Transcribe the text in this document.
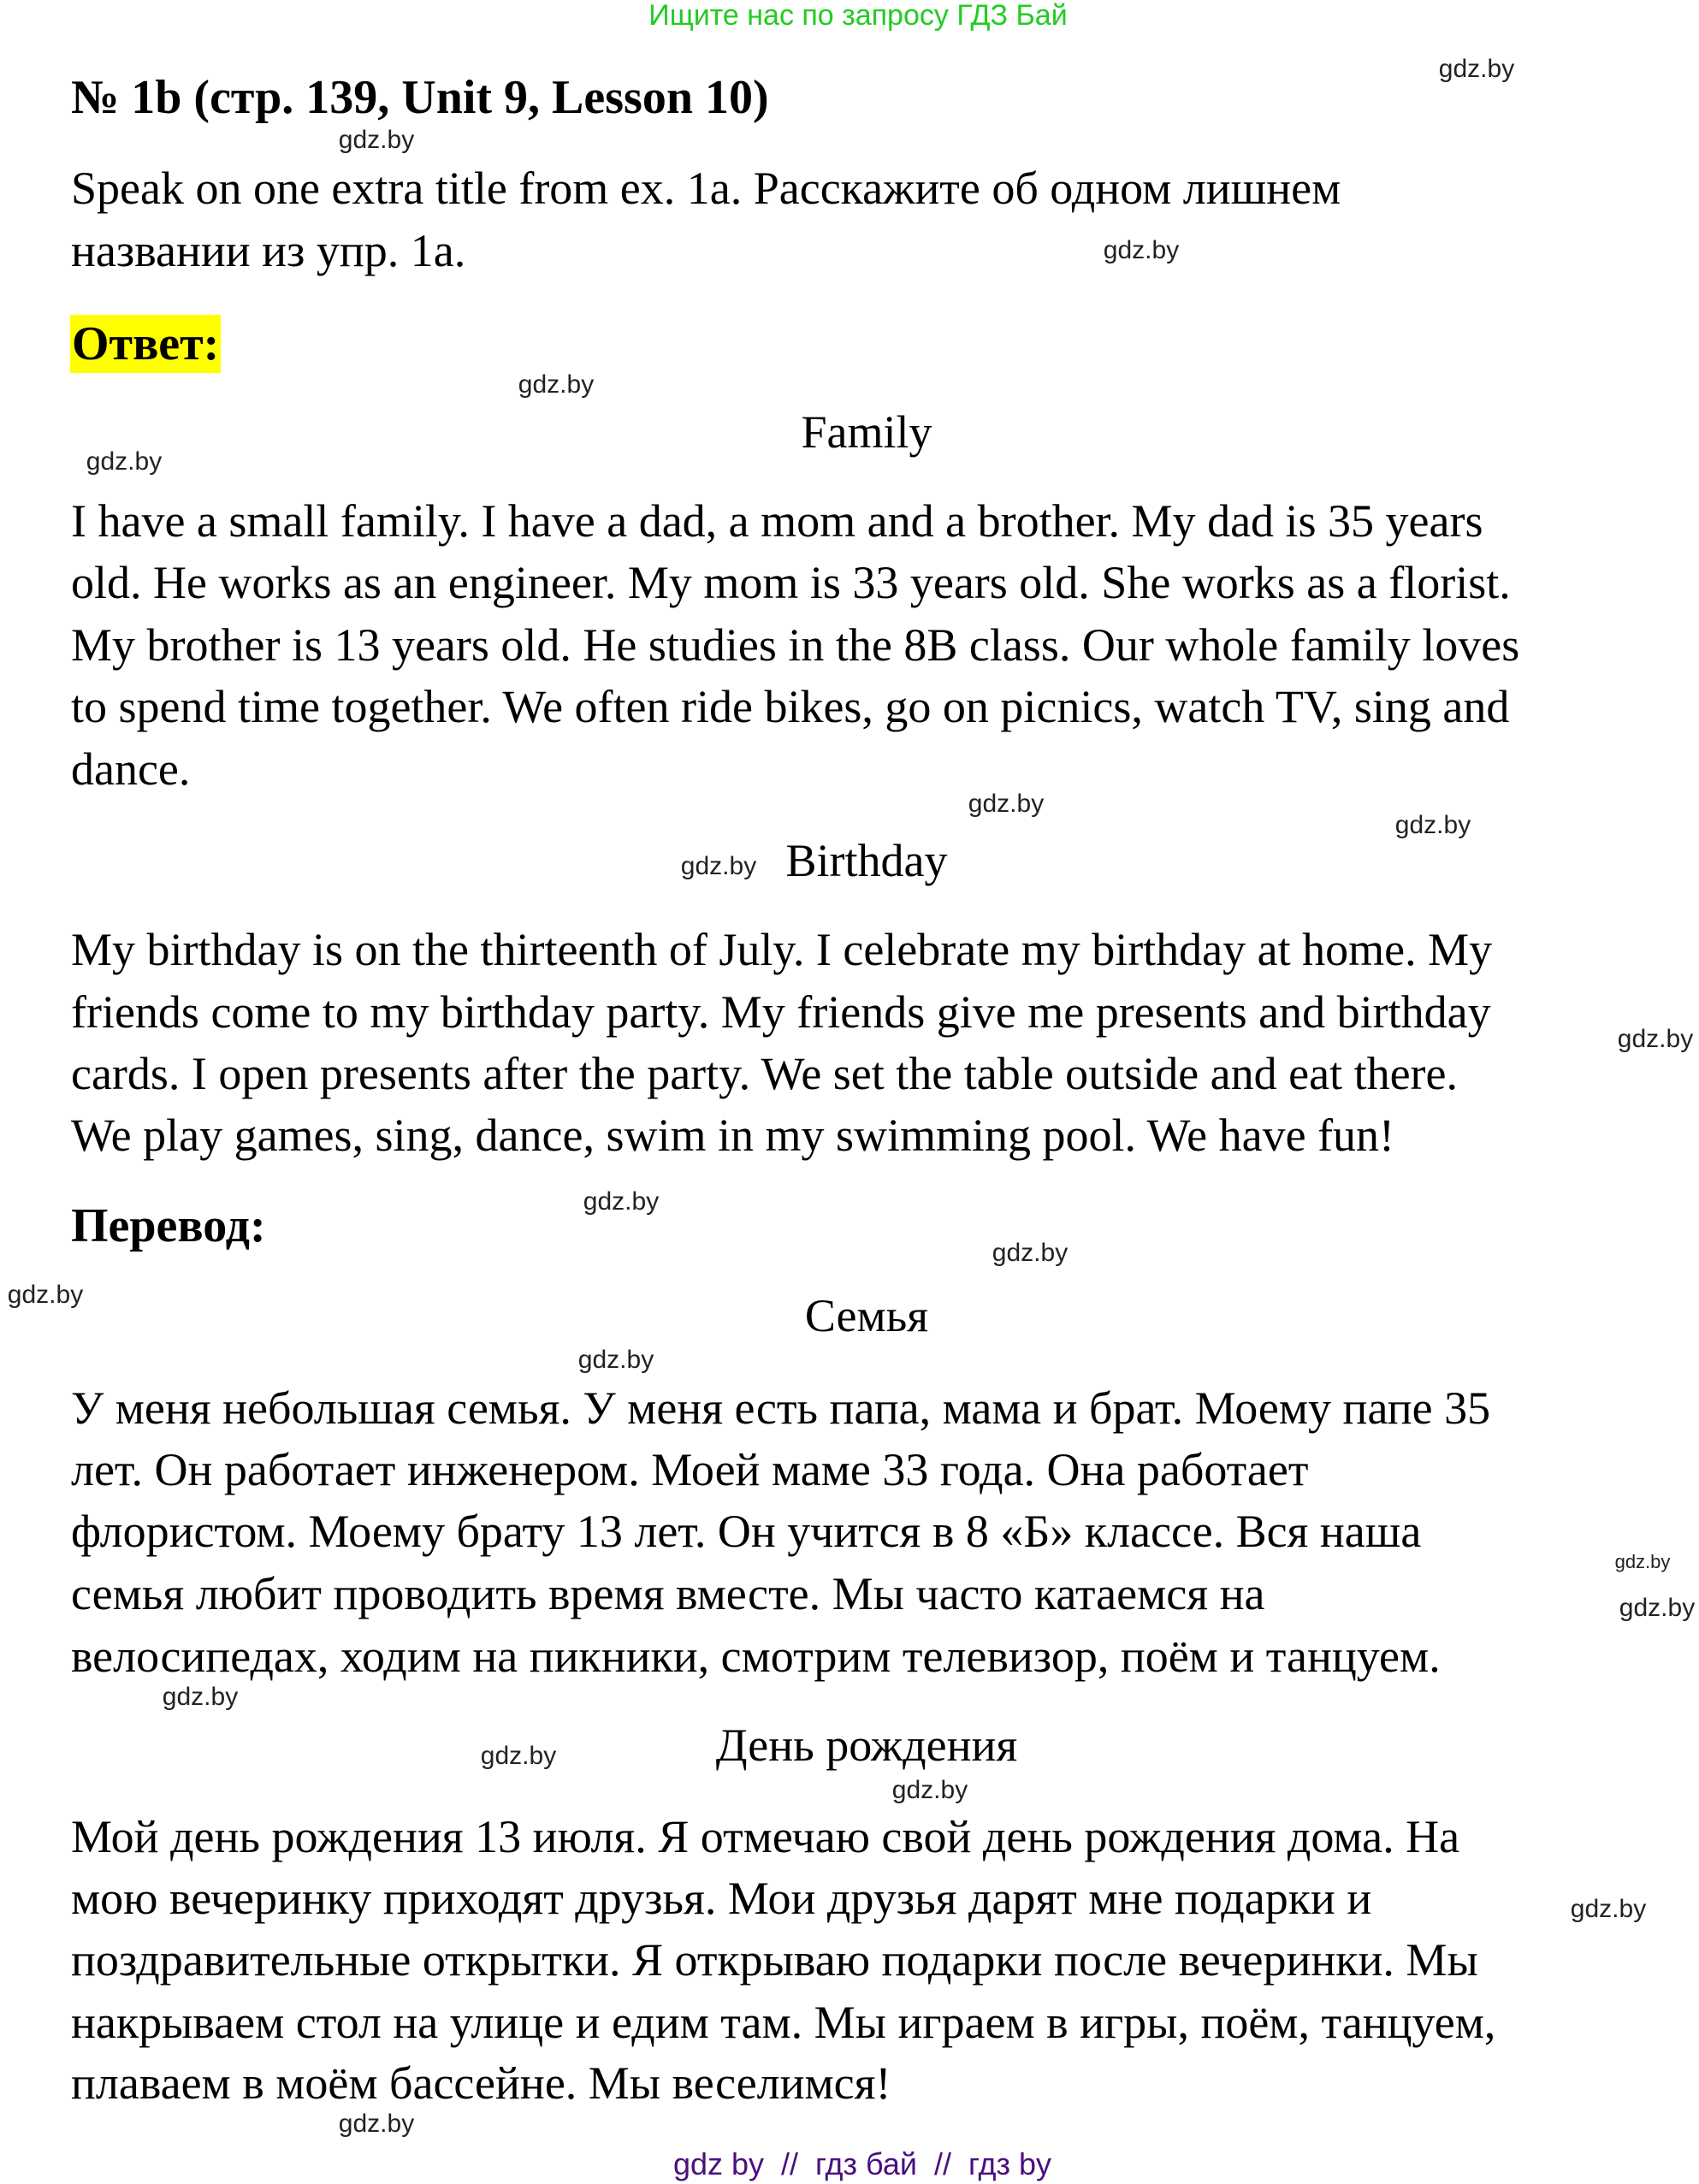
Ищите нас по запросу ГДЗ Бай
№ 1b (стр. 139, Unit 9, Lesson 10)
Speak on one extra title from ex. 1a. Расскажите об одном лишнем
названии из упр. 1a.
Ответ:
Family
I have a small family. I have a dad, a mom and a brother. My dad is 35 years
old. He works as an engineer. My mom is 33 years old. She works as a florist.
My brother is 13 years old. He studies in the 8B class. Our whole family loves
to spend time together. We often ride bikes, go on picnics, watch TV, sing and
dance.
Birthday
My birthday is on the thirteenth of July. I celebrate my birthday at home. My
friends come to my birthday party. My friends give me presents and birthday
cards. I open presents after the party. We set the table outside and eat there.
We play games, sing, dance, swim in my swimming pool. We have fun!
Перевод:
Семья
У меня небольшая семья. У меня есть папа, мама и брат. Моему папе 35
лет. Он работает инженером. Моей маме 33 года. Она работает
флористом. Моему брату 13 лет. Он учится в 8 «Б» классе. Вся наша
семья любит проводить время вместе. Мы часто катаемся на
велосипедах, ходим на пикники, смотрим телевизор, поём и танцуем.
День рождения
Мой день рождения 13 июля. Я отмечаю свой день рождения дома. На
мою вечеринку приходят друзья. Мои друзья дарят мне подарки и
поздравительные открытки. Я открываю подарки после вечеринки. Мы
накрываем стол на улице и едим там. Мы играем в игры, поём, танцуем,
плаваем в моём бассейне. Мы веселимся!
gdz.by
gdz.by
gdz.by
gdz.by
gdz.by
gdz.by
gdz.by
gdz.by
gdz.by
gdz.by
gdz.by
gdz.by
gdz.by
gdz.by
gdz.by
gdz.by
gdz.by
gdz.by
gdz.by
gdz.by
gdz by  //  гдз бай  //  гдз by
